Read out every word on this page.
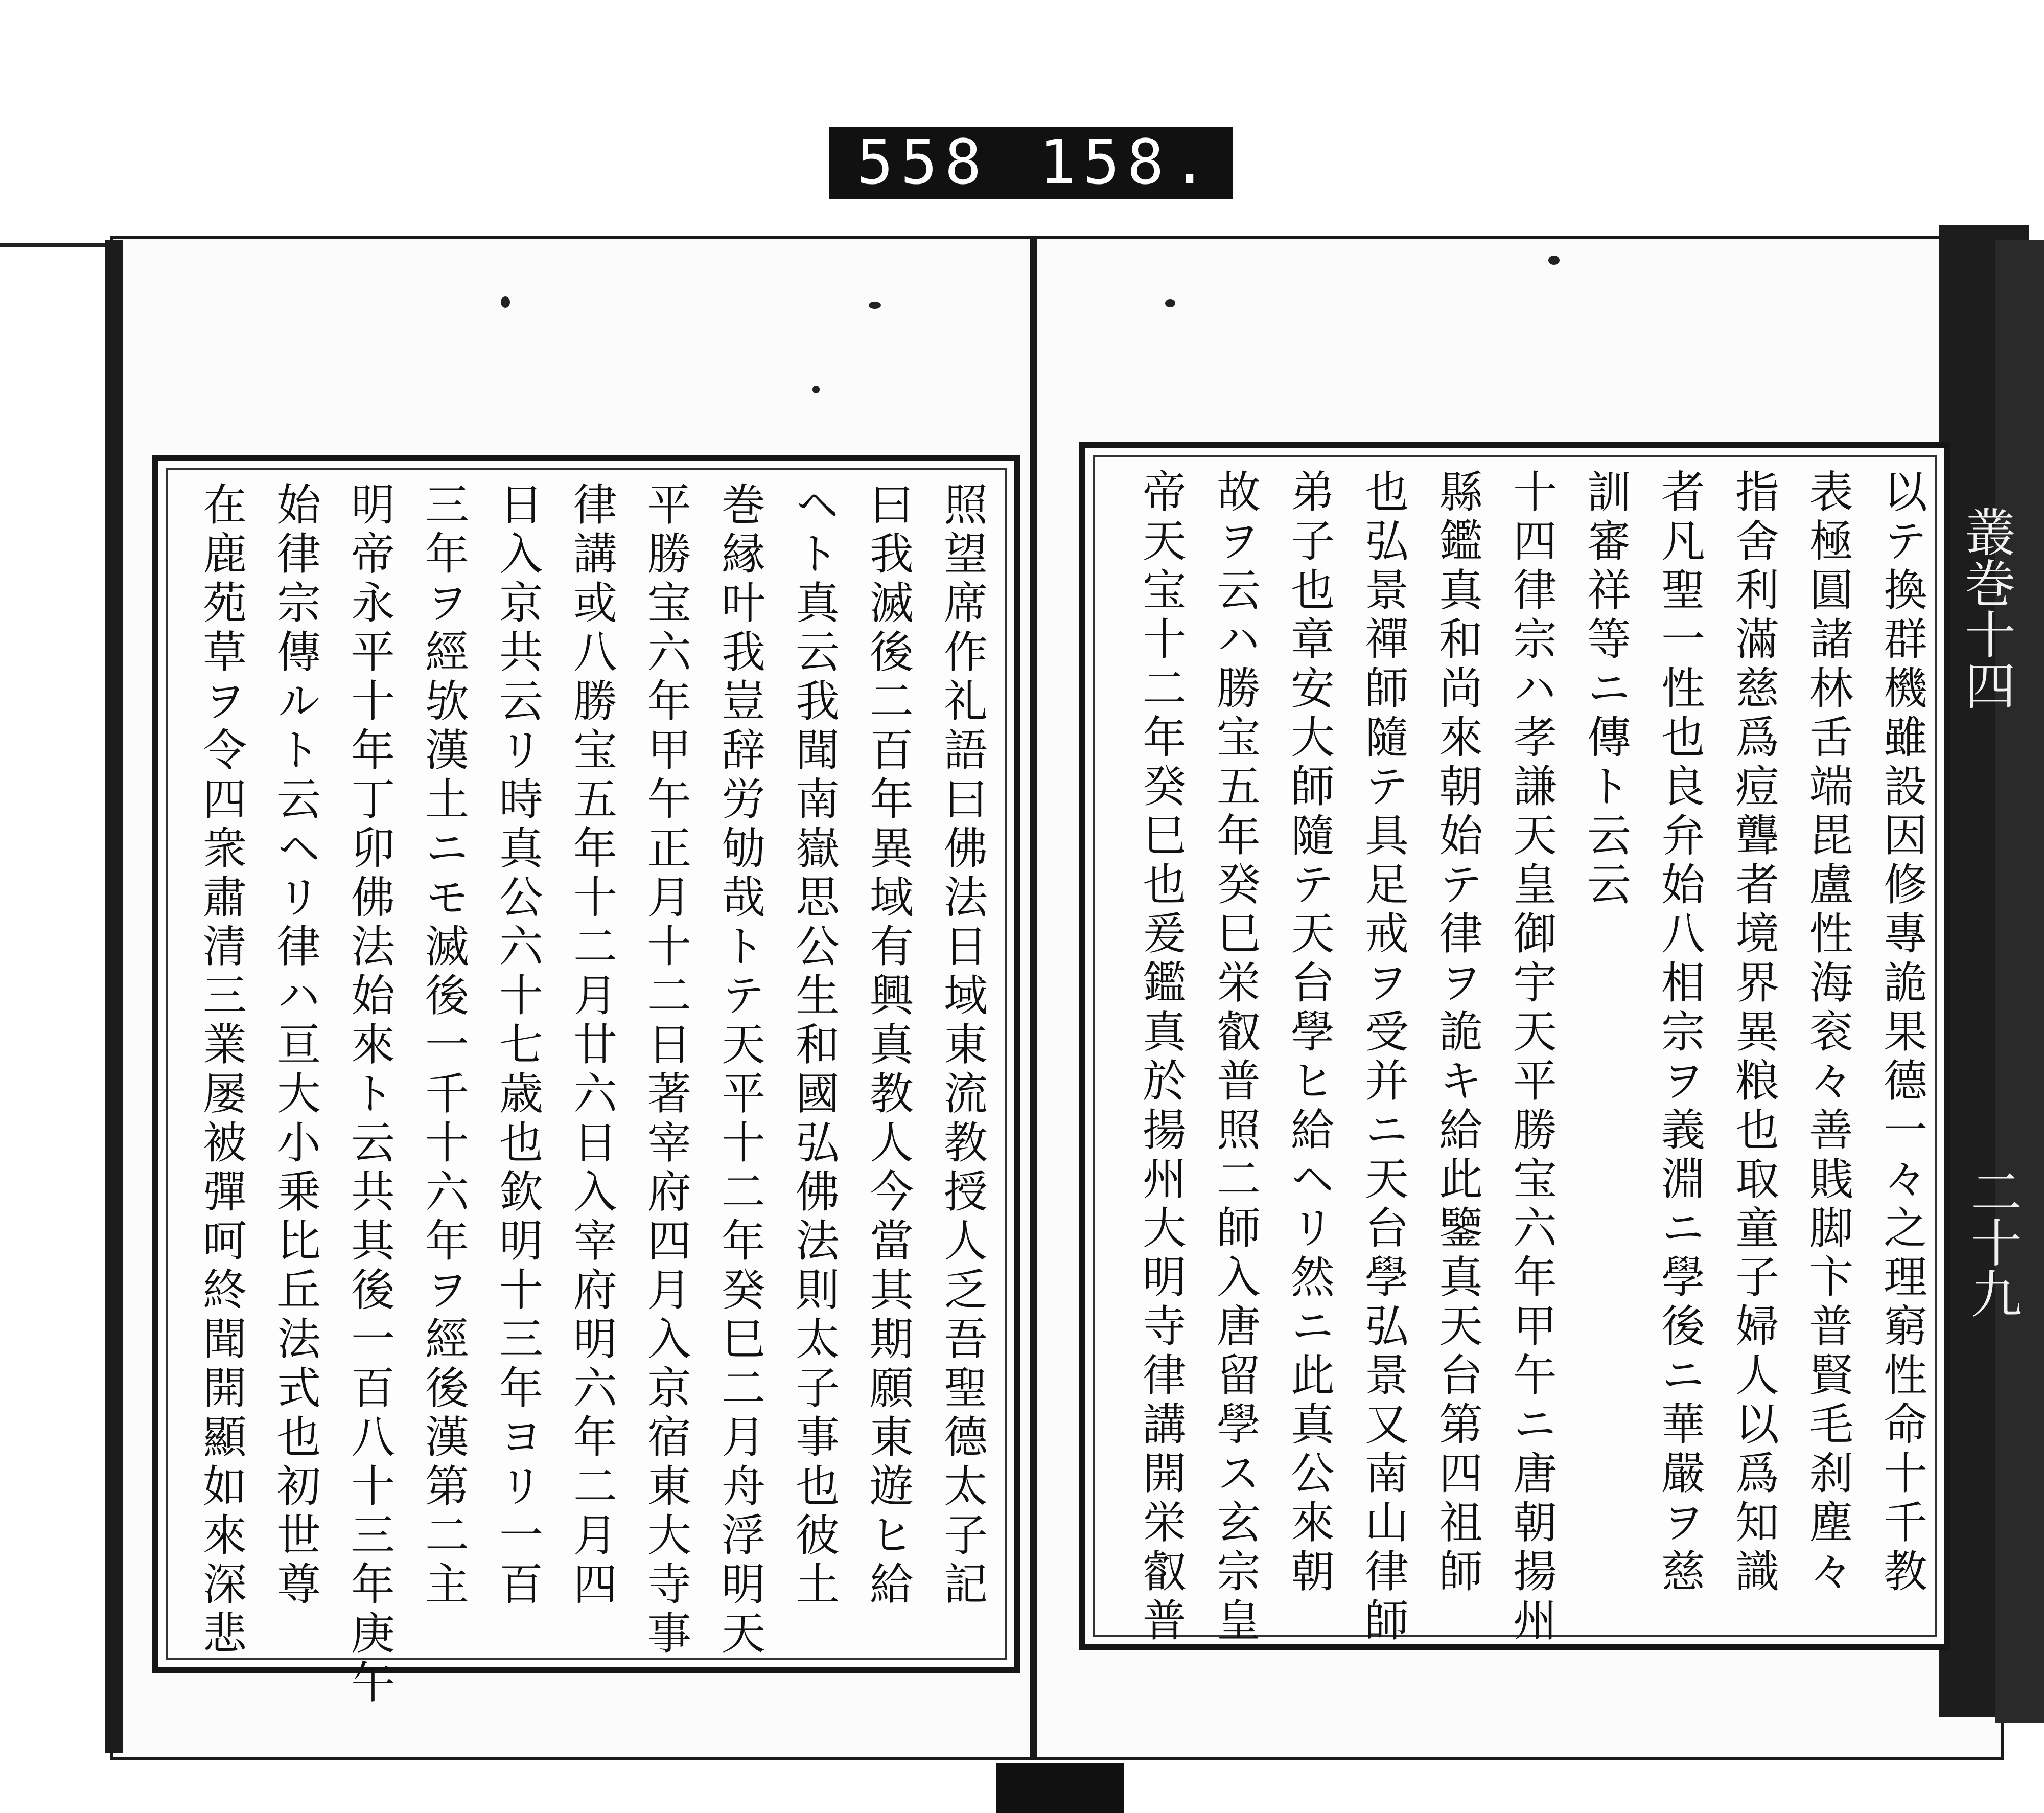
558 158.
照望席作礼語曰佛法日域東流教授人乏吾聖德太子記
曰我滅後二百年異域有興真教人今當其期願東遊ヒ給
ヘト真云我聞南嶽思公生和國弘佛法則太子事也彼土
巻縁叶我豈辞労劬哉トテ天平十二年癸巳二月舟浮明天
平勝宝六年甲午正月十二日著宰府四月入京宿東大寺事
律講或八勝宝五年十二月廿六日入宰府明六年二月四
日入京共云リ時真公六十七歳也欽明十三年ヨリ一百
三年ヲ經欤漢土ニモ滅後一千十六年ヲ經後漢第二主
明帝永平十年丁卯佛法始來ト云共其後一百八十三年庚午
始律宗傳ルト云ヘリ律ハ亘大小乗比丘法式也初世尊
在鹿苑草ヲ令四衆肅清三業屡被彈呵終聞開顯如來深悲	以テ換群機雖設因修專詭果德一々之理窮性命十千教
表極圓諸林舌端毘盧性海衮々善賎脚卞普賢毛刹塵々
指舍利滿慈爲痘聾者境界異粮也取童子婦人以爲知識
者凡聖一性也良弁始八相宗ヲ義淵ニ學後ニ華嚴ヲ慈
訓審祥等ニ傳ト云云
十四律宗ハ孝謙天皇御宇天平勝宝六年甲午ニ唐朝揚州
縣鑑真和尚來朝始テ律ヲ詭キ給此鑒真天台第四祖師
也弘景禪師隨テ具足戒ヲ受并ニ天台學弘景又南山律師
弟子也章安大師隨テ天台學ヒ給ヘリ然ニ此真公來朝
故ヲ云ハ勝宝五年癸巳栄叡普照二師入唐留學ス玄宗皇
帝天宝十二年癸巳也爰鑑真於揚州大明寺律講開栄叡普	叢
巻十四
二十九
